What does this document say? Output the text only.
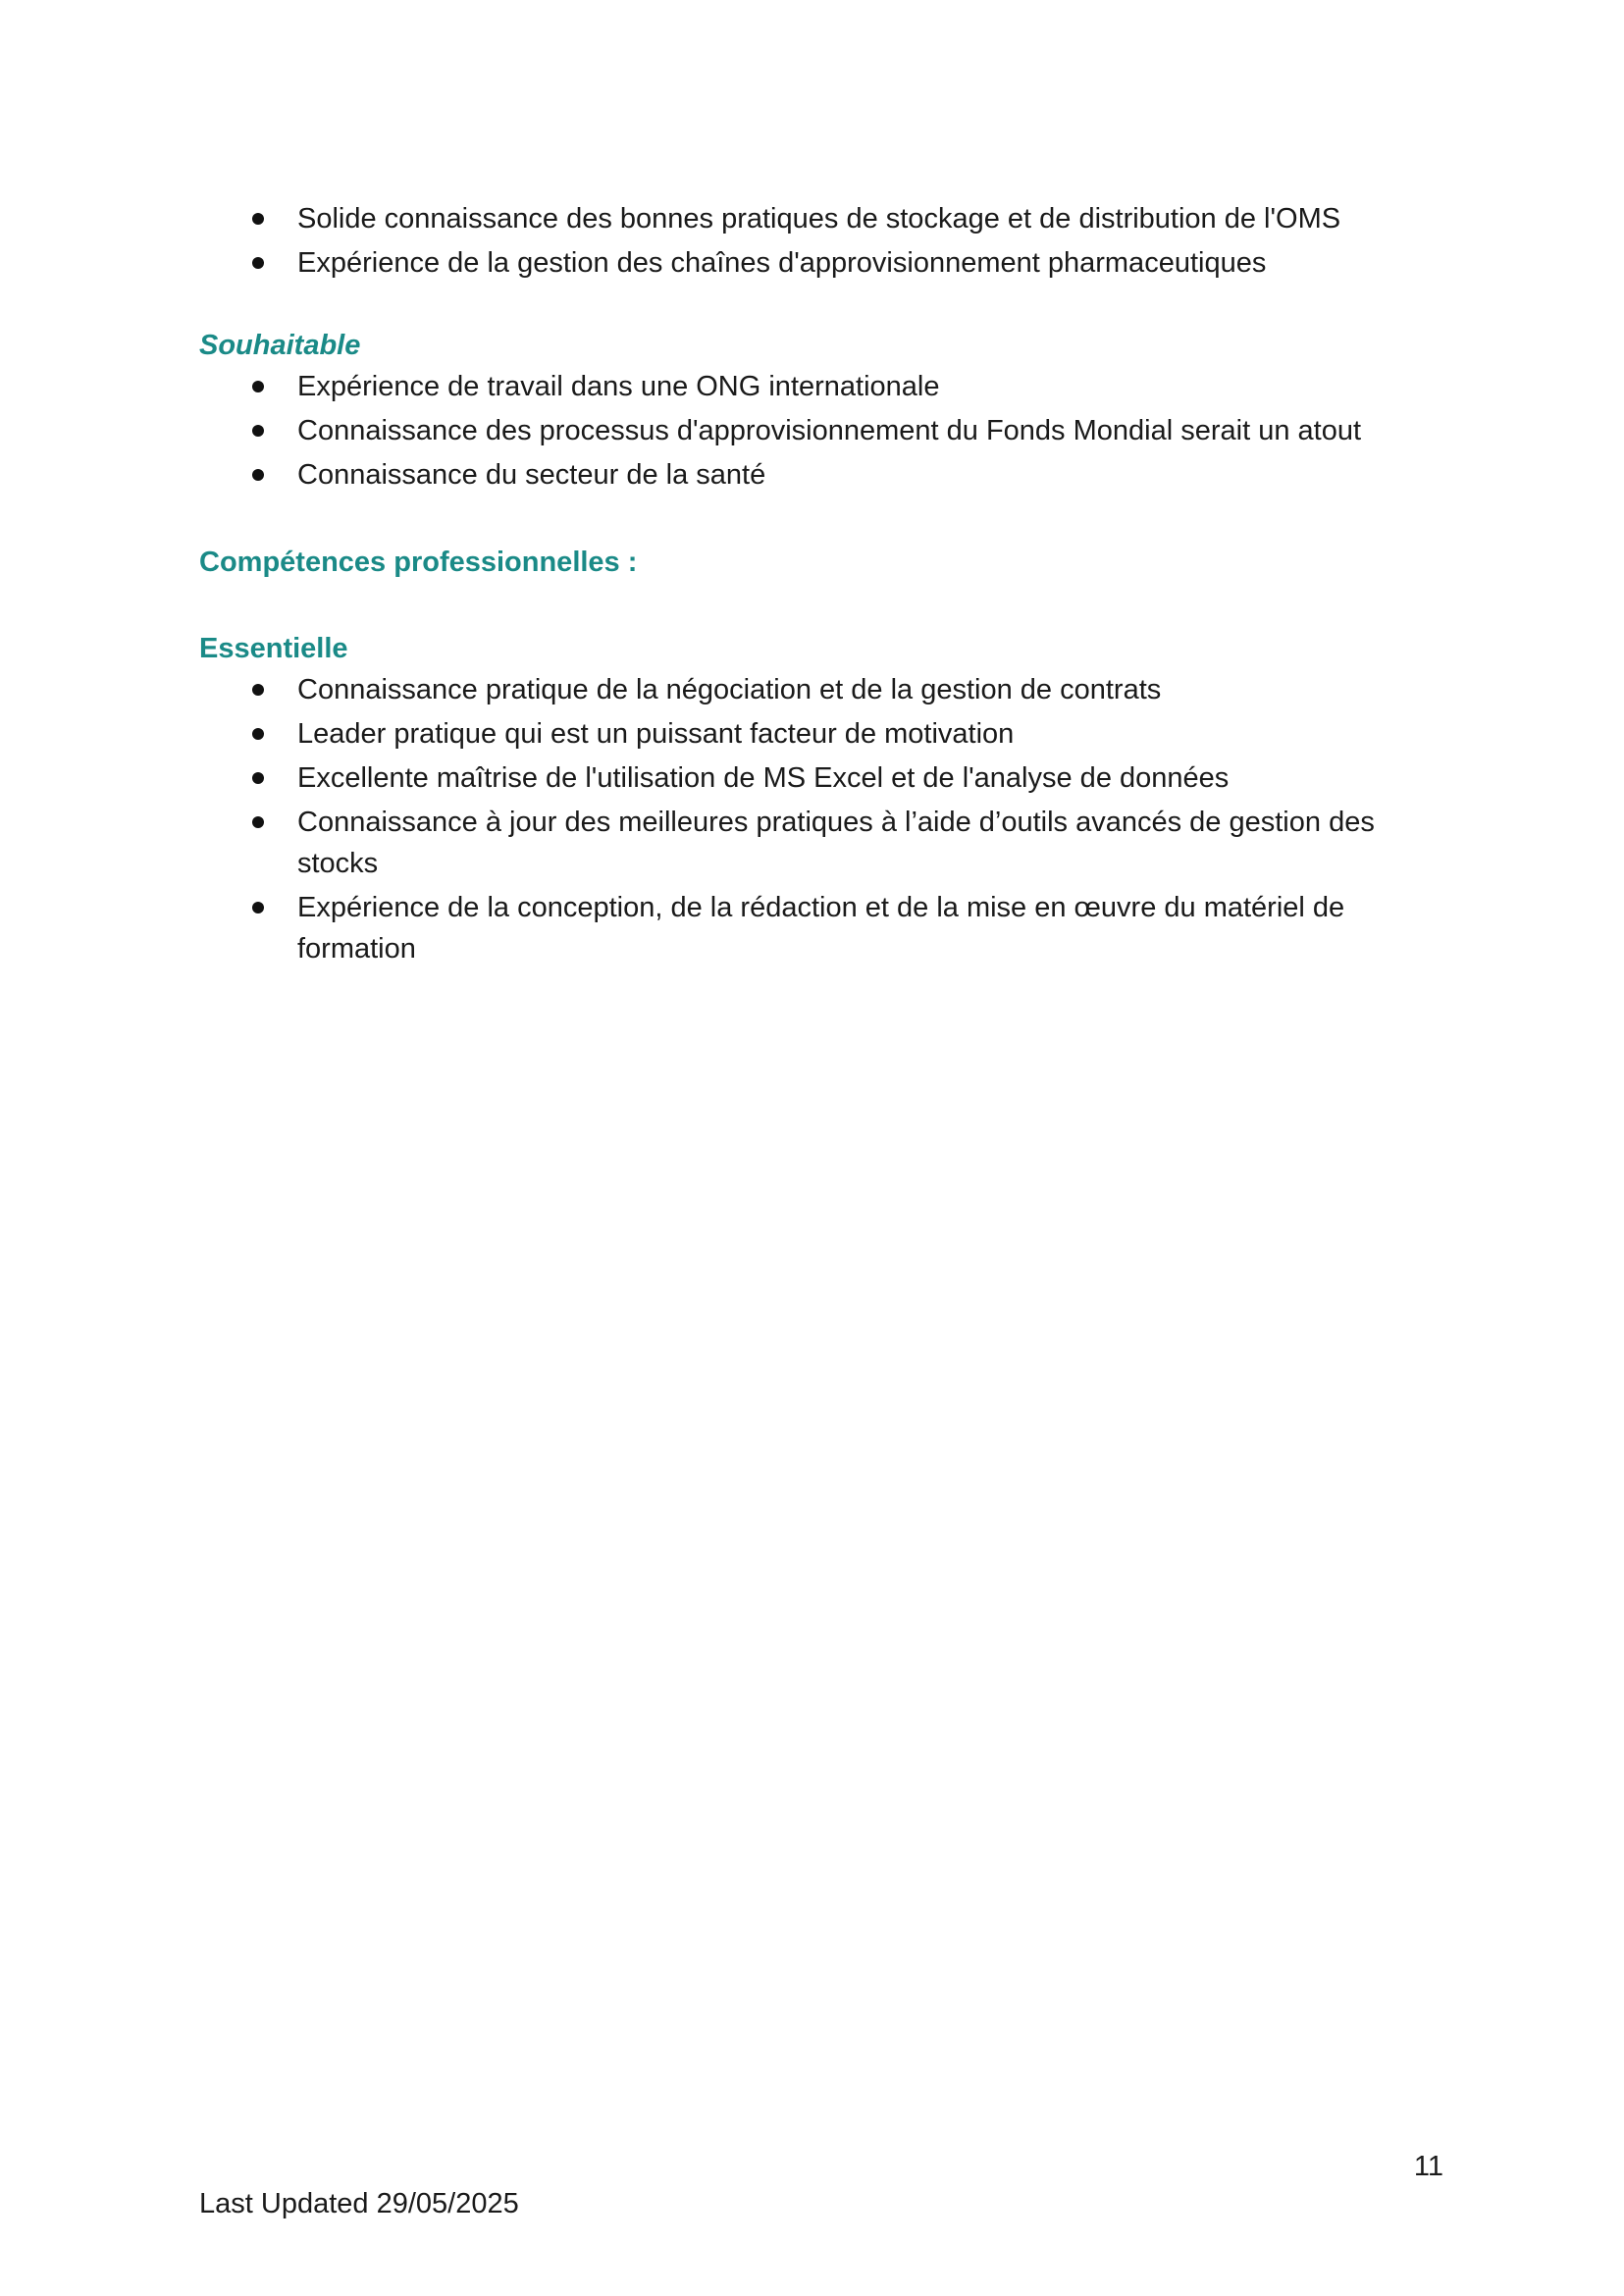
Solide connaissance des bonnes pratiques de stockage et de distribution de l'OMS
Expérience de la gestion des chaînes d'approvisionnement pharmaceutiques
Souhaitable
Expérience de travail dans une ONG internationale
Connaissance des processus d'approvisionnement du Fonds Mondial serait un atout
Connaissance du secteur de la santé
Compétences professionnelles :
Essentielle
Connaissance pratique de la négociation et de la gestion de contrats
Leader pratique qui est un puissant facteur de motivation
Excellente maîtrise de l'utilisation de MS Excel et de l'analyse de données
Connaissance à jour des meilleures pratiques à l’aide d’outils avancés de gestion des stocks
Expérience de la conception, de la rédaction et de la mise en œuvre du matériel de formation
11
Last Updated 29/05/2025
